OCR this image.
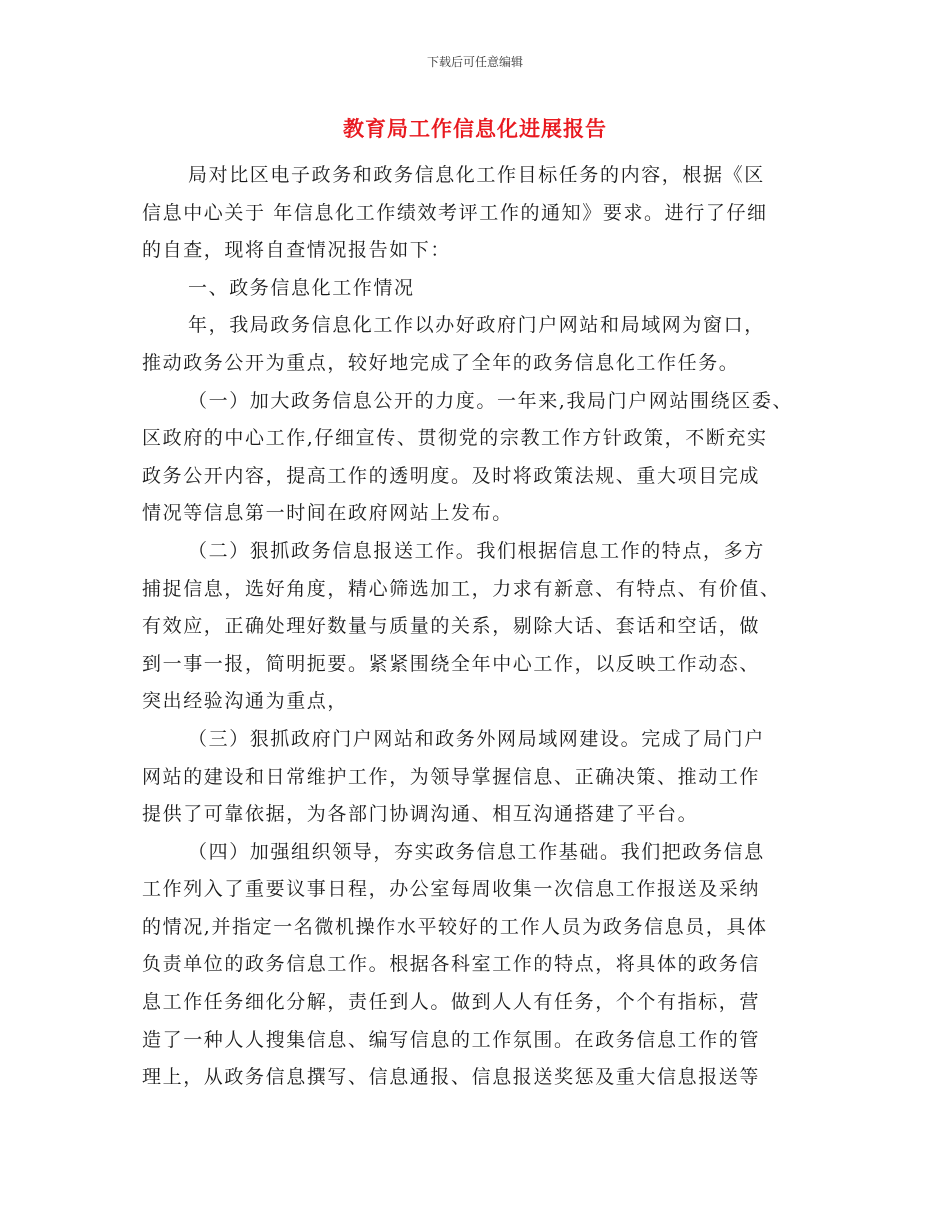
下载后可任意编辑
教育局工作信息化进展报告
局对比区电子政务和政务信息化工作目标任务的内容，根据《区
信息中心关于 年信息化工作绩效考评工作的通知》要求。进行了仔细
的自查，现将自查情况报告如下：
一、政务信息化工作情况
年，我局政务信息化工作以办好政府门户网站和局域网为窗口，
推动政务公开为重点，较好地完成了全年的政务信息化工作任务。
（一）加大政务信息公开的力度。一年来,我局门户网站围绕区委、
区政府的中心工作,仔细宣传、贯彻党的宗教工作方针政策，不断充实
政务公开内容，提高工作的透明度。及时将政策法规、重大项目完成
情况等信息第一时间在政府网站上发布。
（二）狠抓政务信息报送工作。我们根据信息工作的特点，多方
捕捉信息，选好角度，精心筛选加工，力求有新意、有特点、有价值、
有效应，正确处理好数量与质量的关系，剔除大话、套话和空话，做
到一事一报，简明扼要。紧紧围绕全年中心工作，以反映工作动态、
突出经验沟通为重点，
（三）狠抓政府门户网站和政务外网局域网建设。完成了局门户
网站的建设和日常维护工作，为领导掌握信息、正确决策、推动工作
提供了可靠依据，为各部门协调沟通、相互沟通搭建了平台。
（四）加强组织领导，夯实政务信息工作基础。我们把政务信息
工作列入了重要议事日程，办公室每周收集一次信息工作报送及采纳
的情况,并指定一名微机操作水平较好的工作人员为政务信息员，具体
负责单位的政务信息工作。根据各科室工作的特点，将具体的政务信
息工作任务细化分解，责任到人。做到人人有任务，个个有指标，营
造了一种人人搜集信息、编写信息的工作氛围。在政务信息工作的管
理上，从政务信息撰写、信息通报、信息报送奖惩及重大信息报送等
